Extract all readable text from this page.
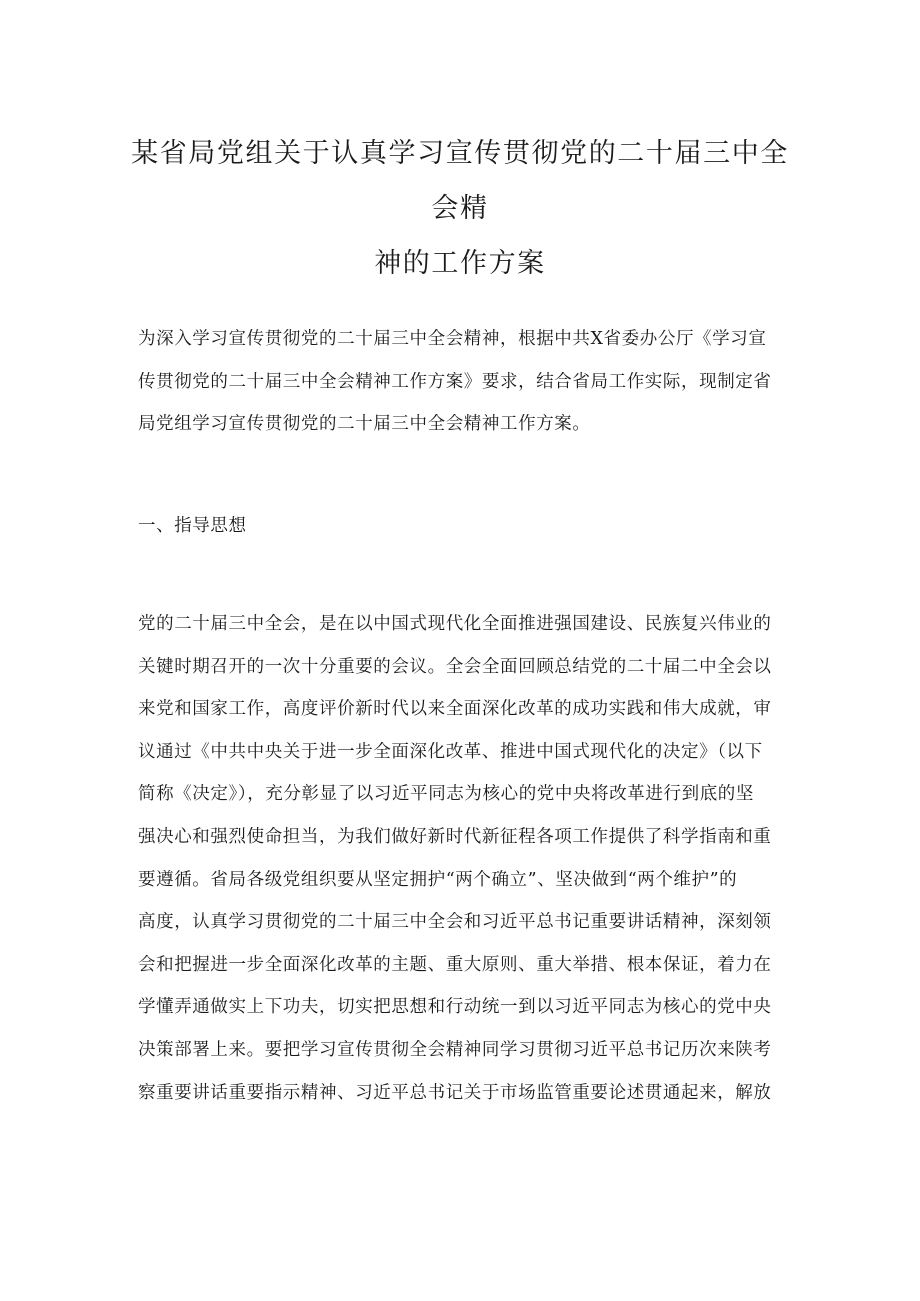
某省局党组关于认真学习宣传贯彻党的二十届三中全会精
神的工作方案
为深入学习宣传贯彻党的二十届三中全会精神，根据中共X省委办公厅《学习宣
传贯彻党的二十届三中全会精神工作方案》要求，结合省局工作实际，现制定省
局党组学习宣传贯彻党的二十届三中全会精神工作方案。
一、指导思想
党的二十届三中全会，是在以中国式现代化全面推进强国建设、民族复兴伟业的
关键时期召开的一次十分重要的会议。全会全面回顾总结党的二十届二中全会以
来党和国家工作，高度评价新时代以来全面深化改革的成功实践和伟大成就，审
议通过《中共中央关于进一步全面深化改革、推进中国式现代化的决定》（以下
简称《决定》），充分彰显了以习近平同志为核心的党中央将改革进行到底的坚
强决心和强烈使命担当，为我们做好新时代新征程各项工作提供了科学指南和重
要遵循。省局各级党组织要从坚定拥护“两个确立”、坚决做到“两个维护”的
高度，认真学习贯彻党的二十届三中全会和习近平总书记重要讲话精神，深刻领
会和把握进一步全面深化改革的主题、重大原则、重大举措、根本保证，着力在
学懂弄通做实上下功夫，切实把思想和行动统一到以习近平同志为核心的党中央
决策部署上来。要把学习宣传贯彻全会精神同学习贯彻习近平总书记历次来陕考
察重要讲话重要指示精神、习近平总书记关于市场监管重要论述贯通起来，解放
